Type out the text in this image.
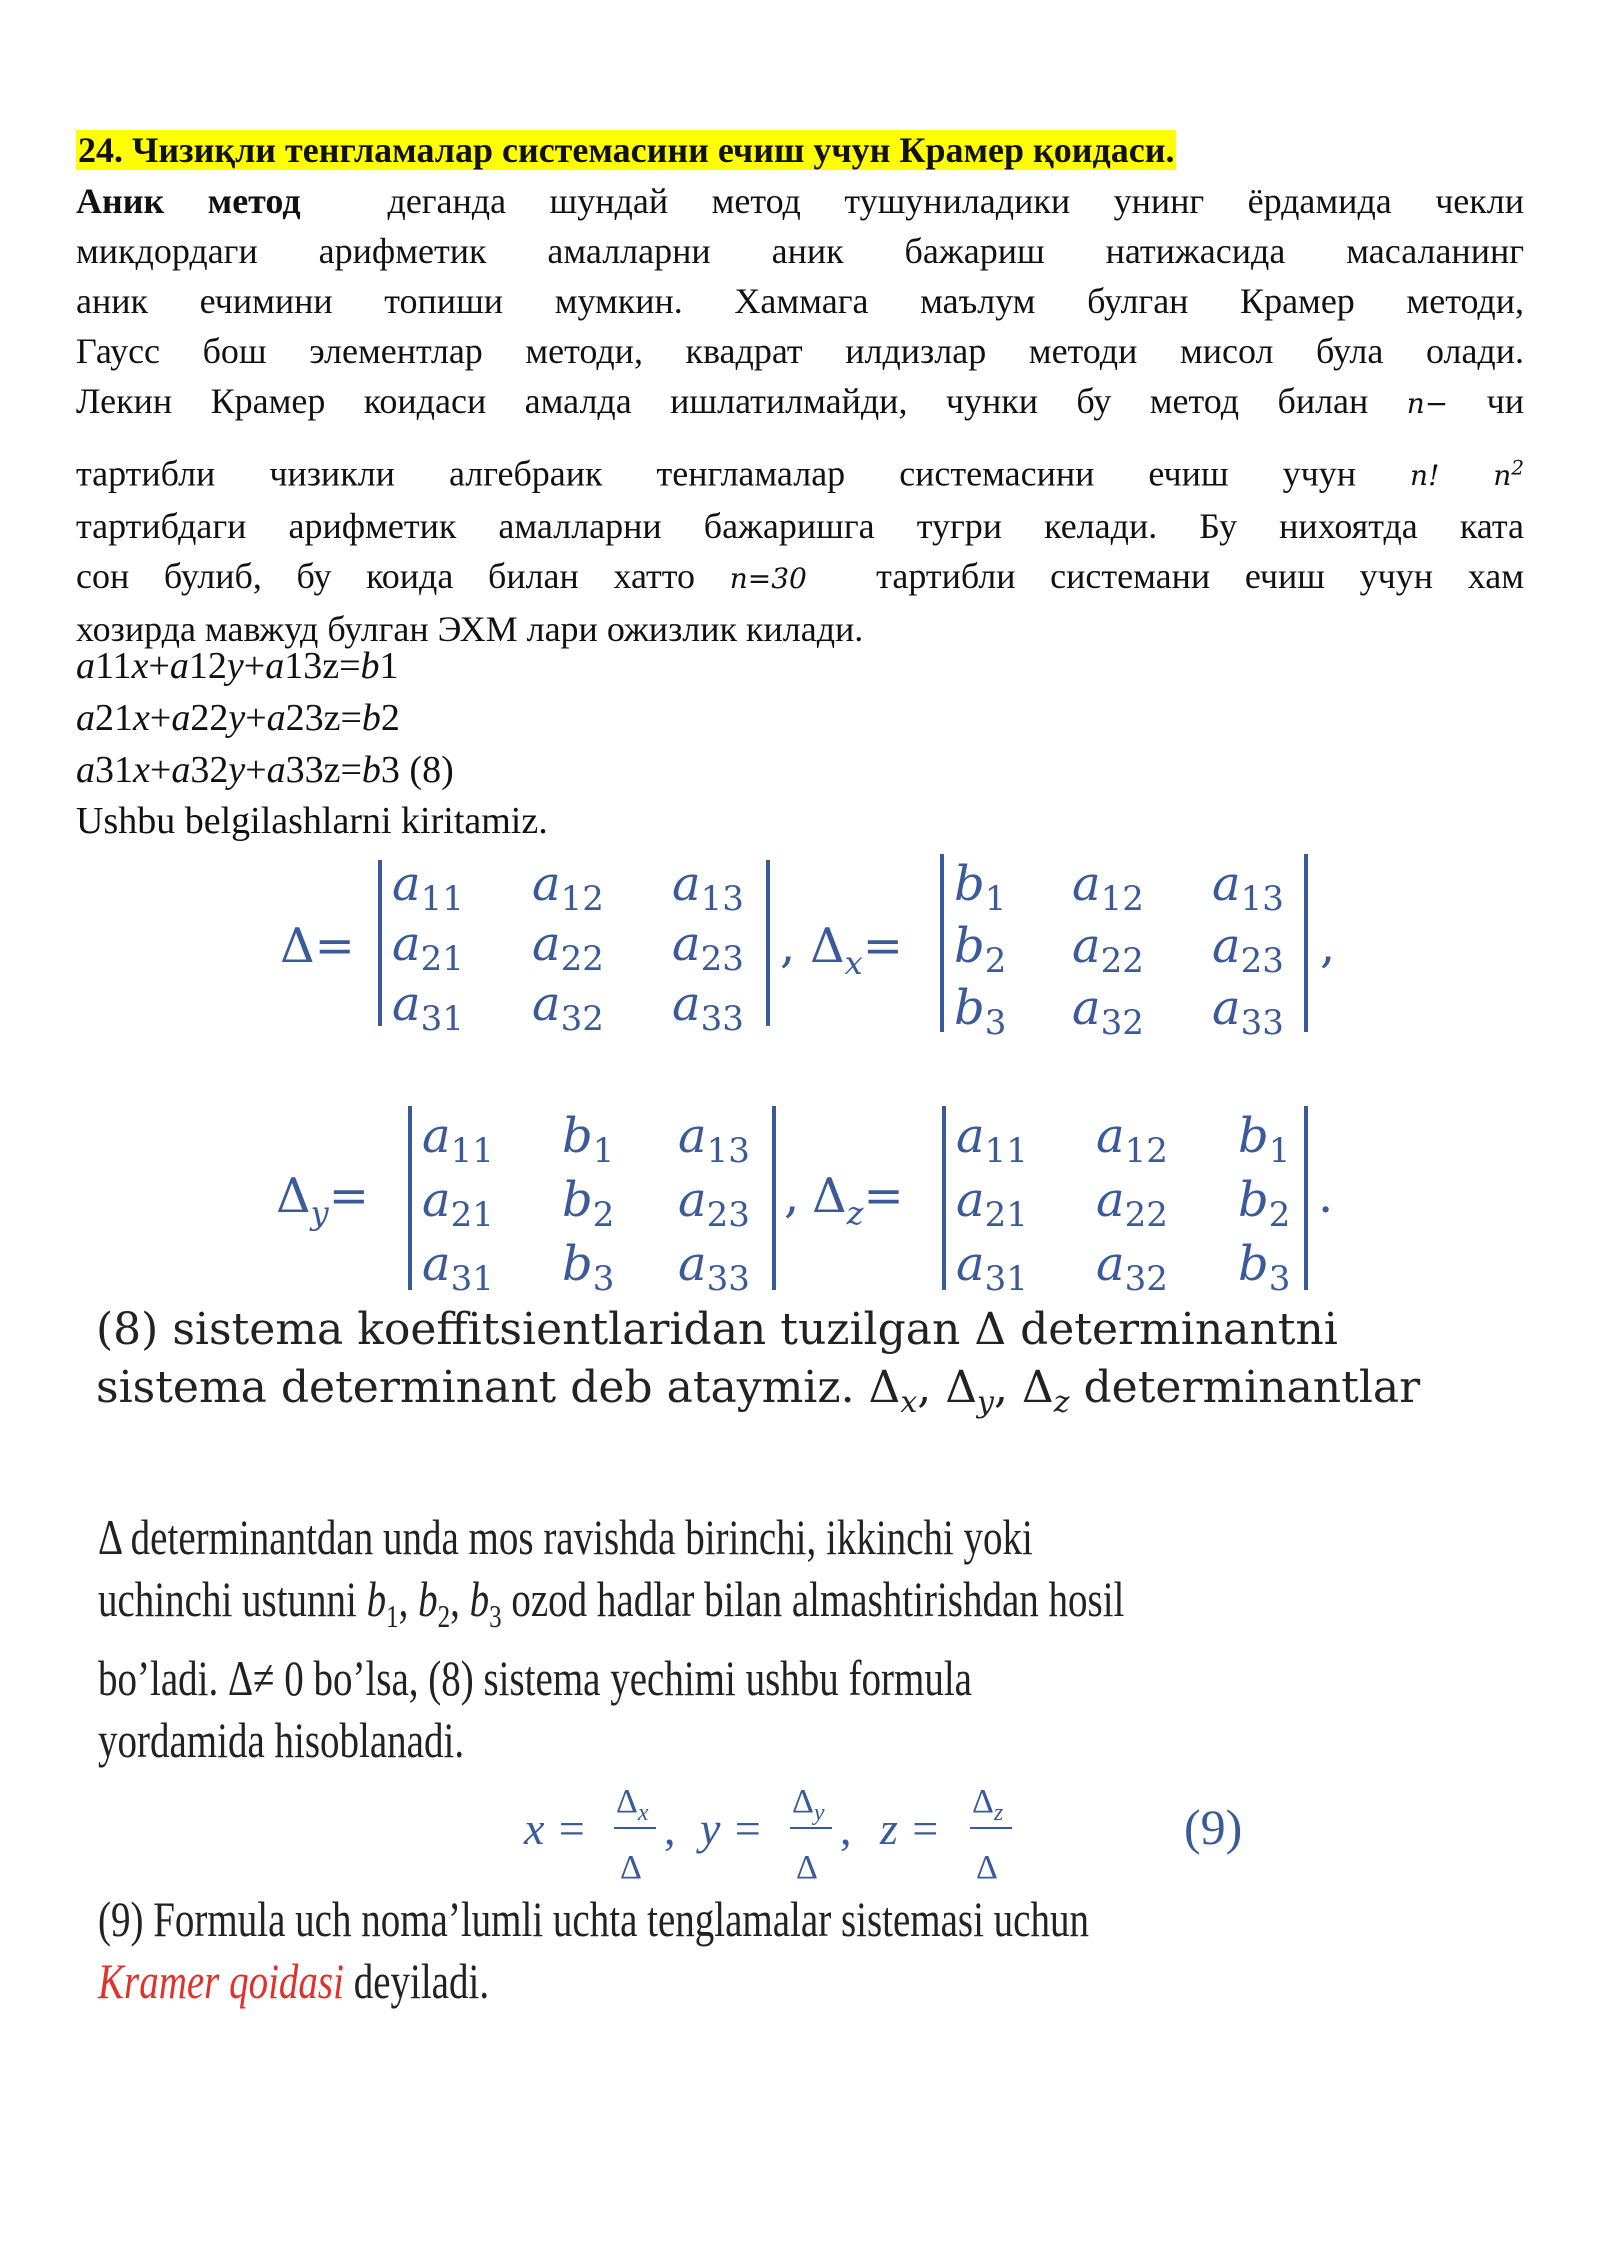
24. Чизиқли тенгламалар системасини ечиш учун Крамер қоидаси.
Аник метод деганда шундай метод тушуниладики унинг ёрдамида чекли
микдордаги арифметик амалларни аник бажариш натижасида масаланинг
аник ечимини топиши мумкин. Хаммага маълум булган Крамер методи,
Гаусс бош элементлар методи, квадрат илдизлар методи мисол була олади.
Лекин Крамер коидаси амалда ишлатилмайди, чунки бу метод билан n− чи
тартибли чизикли алгебраик тенгламалар системасини ечиш учун n! $n^2$
тартибдаги арифметик амалларни бажаришга тугри келади. Бу нихоятда ката
сон булиб, бу коида билан хатто n=30 тартибли системани ечиш учун хам
хозирда мавжуд булган ЭХМ лари ожизлик килади.
a11x+a12y+a13z=b1
a21x+a22y+a23z=b2
a31x+a32y+a33z=b3 (8)
Ushbu belgilashlarni kiritamiz.
Δ=
$a_{11}$ $a_{12}$ $a_{13}$
$a_{21}$ $a_{22}$ $a_{23}$
$a_{31}$ $a_{32}$ $a_{33}$
, $\Delta_x=$
$b_1$ $a_{12}$ $a_{13}$
$b_2$ $a_{22}$ $a_{23}$
$b_3$ $a_{32}$ $a_{33}$
,
$\Delta_y=$
$a_{11}$ $b_1$ $a_{13}$
$a_{21}$ $b_2$ $a_{23}$
$a_{31}$ $b_3$ $a_{33}$
, $\Delta_z=$
$a_{11}$ $a_{12}$ $b_1$
$a_{21}$ $a_{22}$ $b_2$
$a_{31}$ $a_{32}$ $b_3$
.
(8) sistema koeffitsientlaridan tuzilgan Δ determinantni
sistema determinant deb ataymiz. $\Delta_x$, $\Delta_y$, $\Delta_z$ determinantlar
Δ determinantdan unda mos ravishda birinchi, ikkinchi yoki
uchinchi ustunni $b_1$, $b_2$, $b_3$ ozod hadlar bilan almashtirishdan hosil
bo’ladi. Δ≠ 0 bo’lsa, (8) sistema yechimi ushbu formula
yordamida hisoblanadi.
x =
$\Delta_x$
Δ
, y =
$\Delta_y$
Δ
, z =
$\Delta_z$
Δ
(9)
(9) Formula uch noma’lumli uchta tenglamalar sistemasi uchun
Kramer qoidasi deyiladi.
